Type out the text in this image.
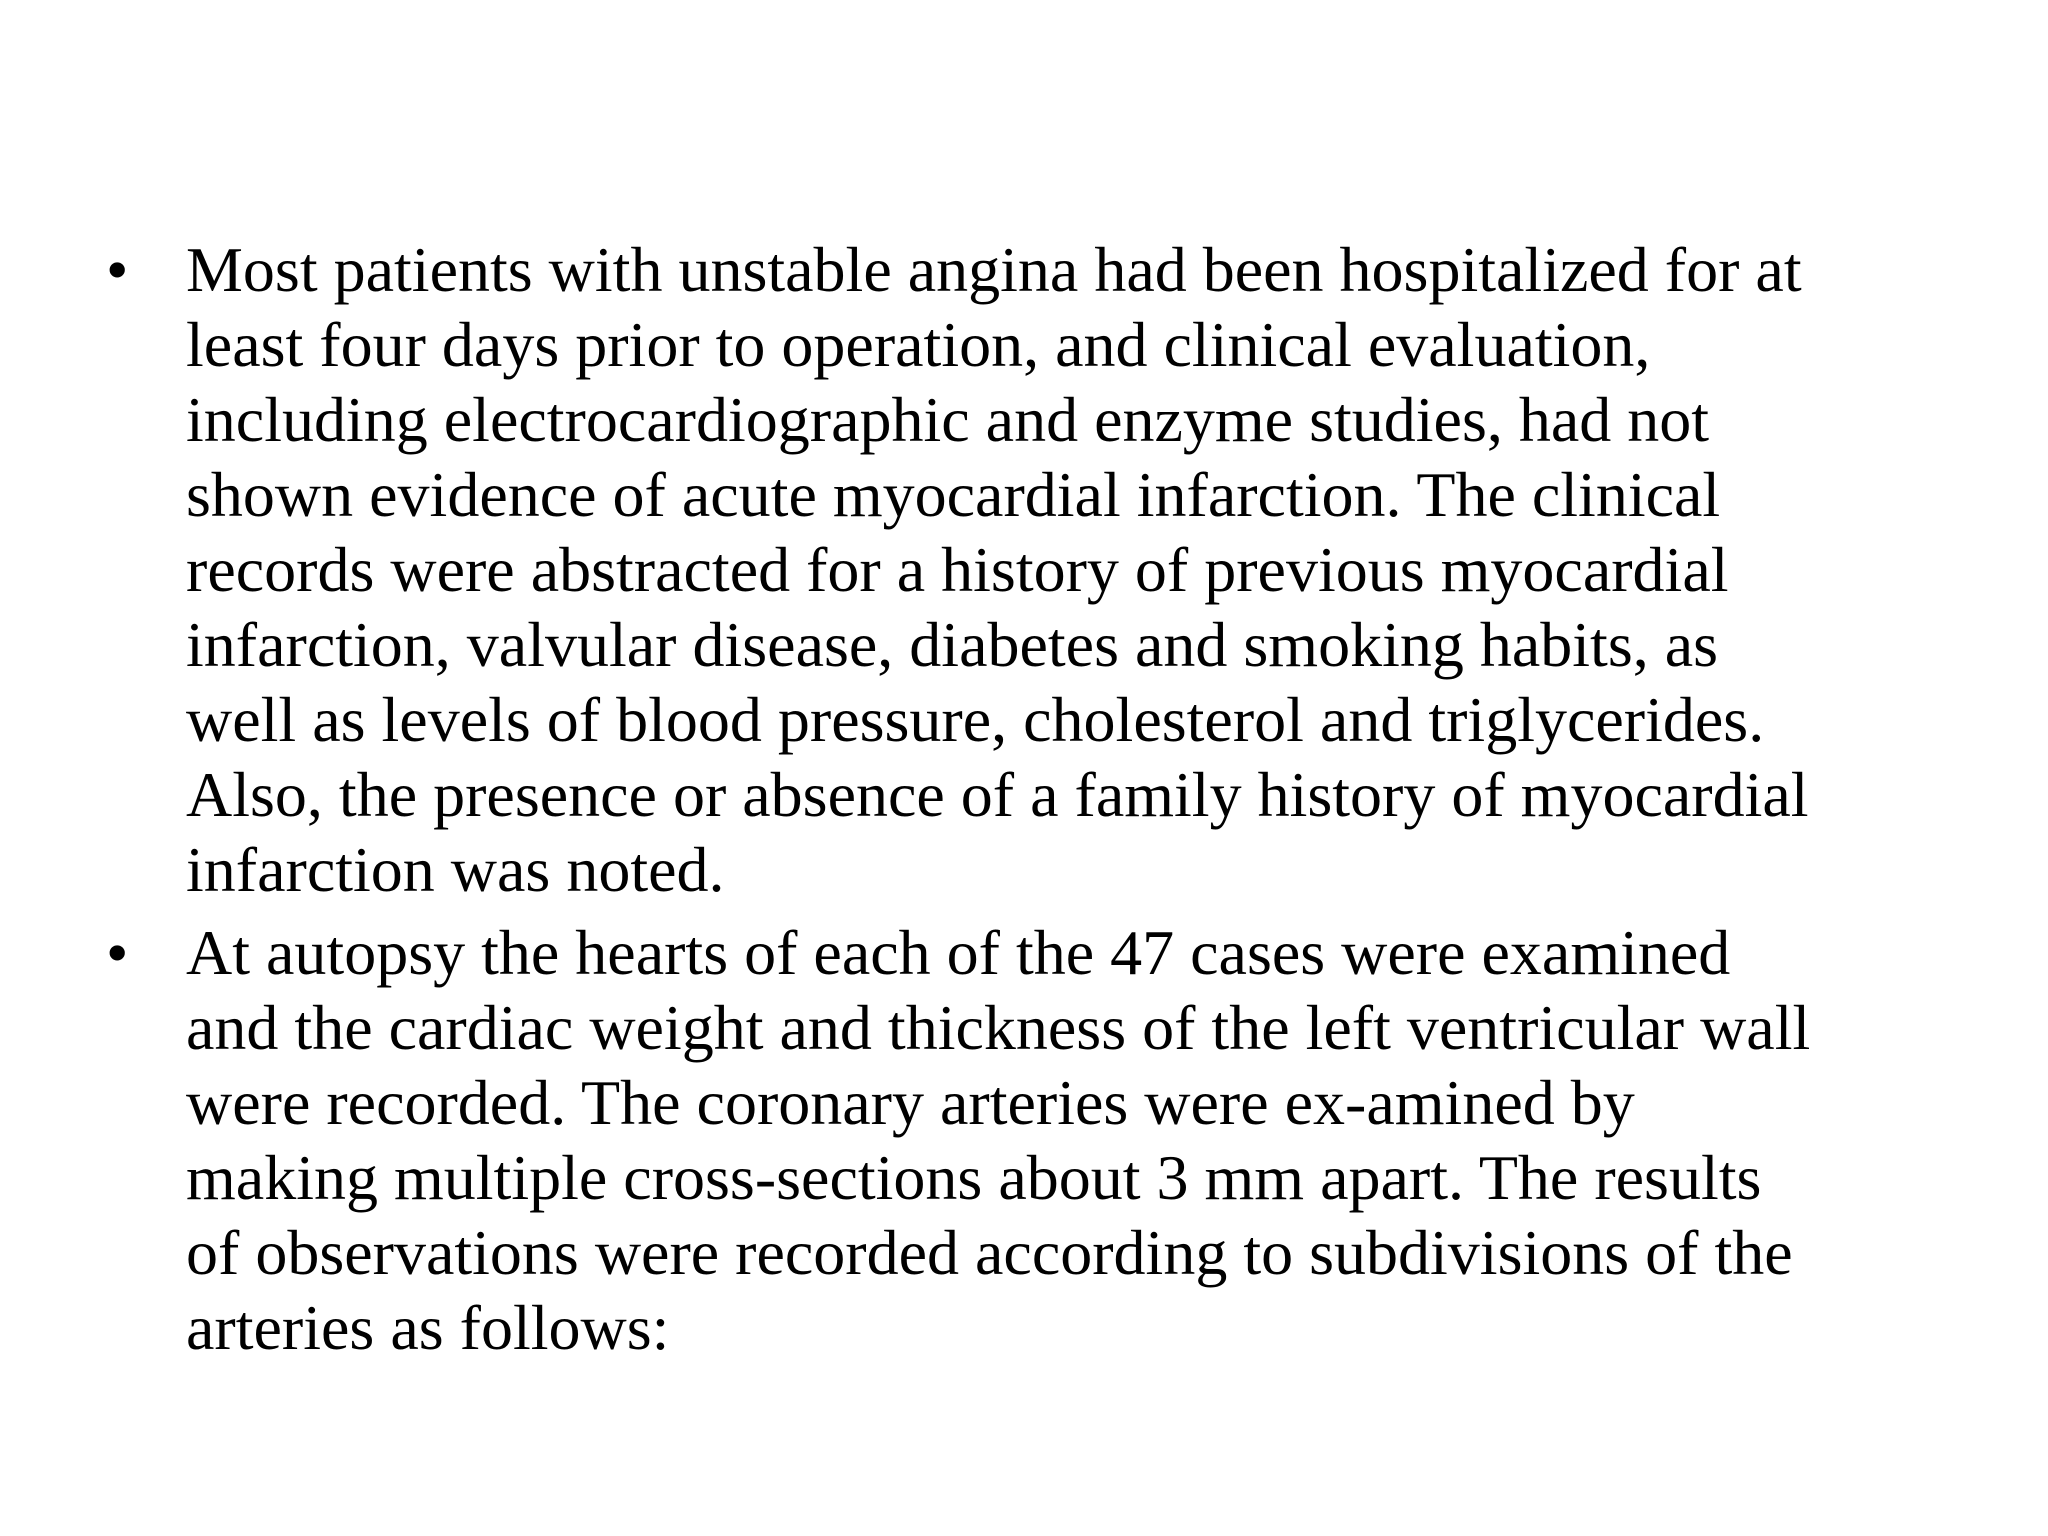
• Most patients with unstable angina had been hospitalized for at
least four days prior to operation, and clinical evaluation,
including electrocardiographic and enzyme studies, had not
shown evidence of acute myocardial infarction. The clinical
records were abstracted for a history of previous myocardial
infarction, valvular disease, diabetes and smoking habits, as
well as levels of blood pressure, cholesterol and triglycerides.
Also, the presence or absence of a family history of myocardial
infarction was noted.
• At autopsy the hearts of each of the 47 cases were examined
and the cardiac weight and thickness of the left ventricular wall
were recorded. The coronary arteries were ex-amined by
making multiple cross-sections about 3 mm apart. The results
of observations were recorded according to subdivisions of the
arteries as follows:
